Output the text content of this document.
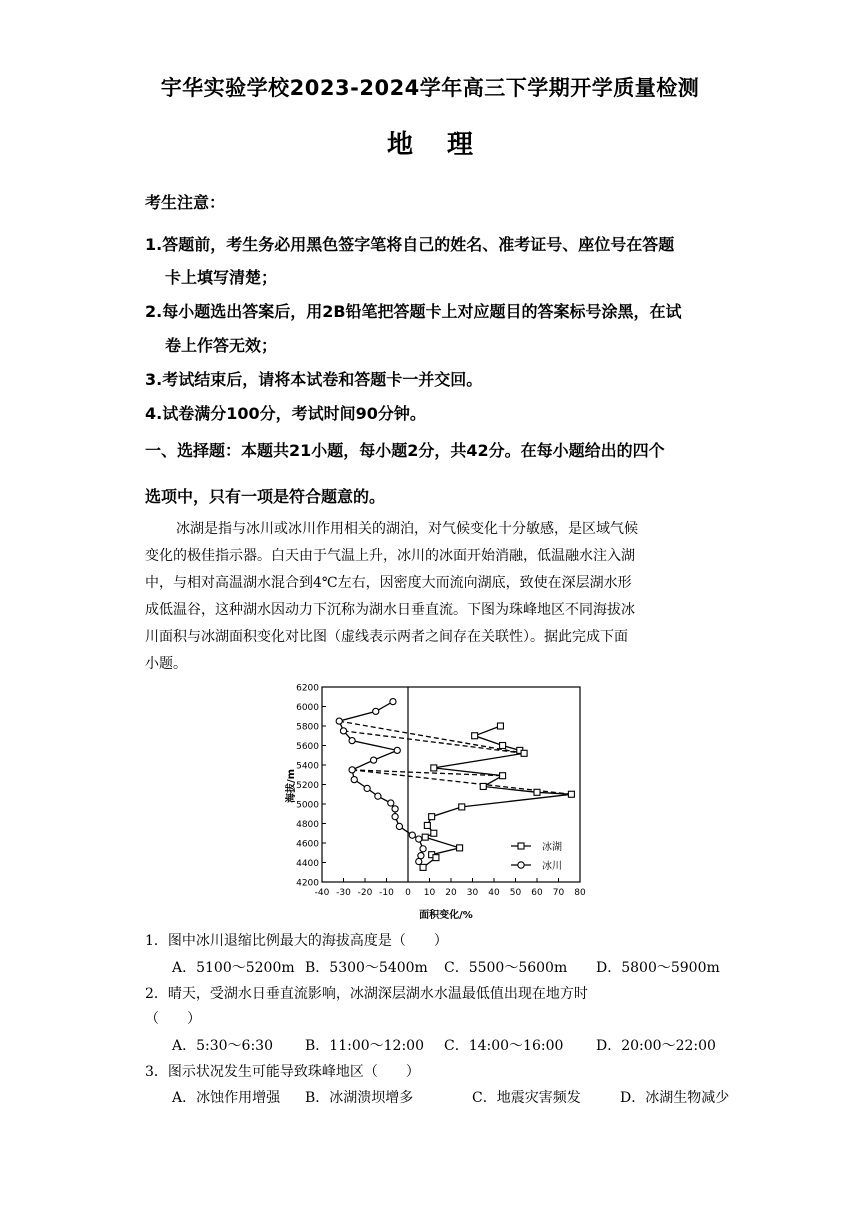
宇华实验学校2023-2024学年高三下学期开学质量检测
地理
考生注意：
1.答题前，考生务必用黑色签字笔将自己的姓名、准考证号、座位号在答题
卡上填写清楚；
2.每小题选出答案后，用2B铅笔把答题卡上对应题目的答案标号涂黑，在试
卷上作答无效；
3.考试结束后，请将本试卷和答题卡一并交回。
4.试卷满分100分，考试时间90分钟。
一、选择题：本题共21小题，每小题2分，共42分。在每小题给出的四个
选项中，只有一项是符合题意的。
冰湖是指与冰川或冰川作用相关的湖泊，对气候变化十分敏感，是区域气候
变化的极佳指示器。白天由于气温上升，冰川的冰面开始消融，低温融水注入湖
中，与相对高温湖水混合到4℃左右，因密度大而流向湖底，致使在深层湖水形
成低温谷，这种湖水因动力下沉称为湖水日垂直流。下图为珠峰地区不同海拔冰
川面积与冰湖面积变化对比图（虚线表示两者之间存在关联性）。据此完成下面
小题。
4200
4400
4600
4800
5000
5200
5400
5600
5800
6000
6200
-40 -30 -20 -10 0 10 20 30 40 50 60 70 80
面积变化/%
海拔/m
冰湖
冰川
1．图中冰川退缩比例最大的海拔高度是（　　）
A．5100～5200m B．5300～5400m C．5500～5600m D．5800～5900m
2．晴天，受湖水日垂直流影响，冰湖深层湖水水温最低值出现在地方时
（　　）
A．5:30～6:30 B．11:00～12:00 C．14:00～16:00 D．20:00～22:00
3．图示状况发生可能导致珠峰地区（　　）
A．冰蚀作用增强 B．冰湖溃坝增多	C．地震灾害频发	D．冰湖生物减少
